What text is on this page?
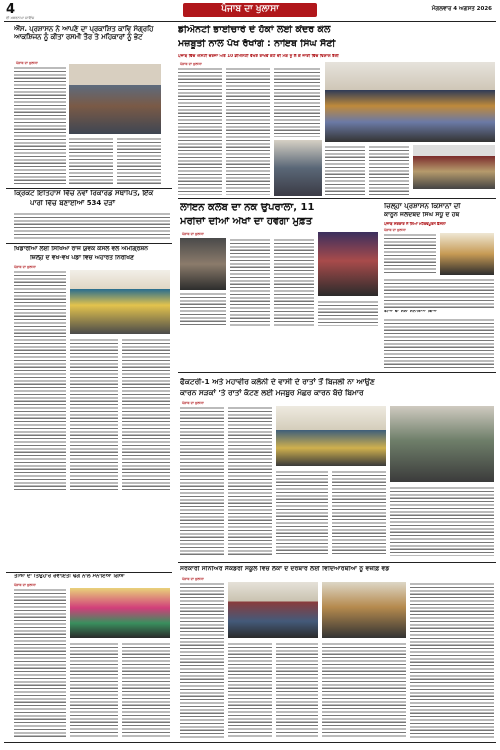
4
ਦੀ ਖ਼ਬਰਨਾਮਾ ਸਾਇੰਸ
ਪੰਜਾਬ ਦਾ ਖੁਲਾਸਾ	ਮੰਗਲਵਾਰ 4 ਅਗਸਤ 2026
ਐੱਸ. ਪ੍ਰਸ਼ਾਸਨ ਨੇ ਆਪਣੇ ਦਾ ਪ੍ਰਕਾਸ਼ਿਤ ਕਾਵਿ ਸੰਗ੍ਰਹਿ ਆਕਸ਼ਿਜਨ ਨੂੰ ਕੀਤਾ ਰਸਮੀ ਤੌਰ ਤੇ ਮਹਿਕਾਰਾਂ ਨੂੰ ਭੇਟ
ਪੰਜਾਬ ਦਾ ਖੁਲਾਸਾ
ਡੀਐਨਟੀ ਭਾਈਚਾਰੇ ਦੇ ਹੱਕਾਂ ਲਈ ਕੇਂਦਰ ਕੋਲ
ਮਜ਼ਬੂਤੀ ਨਾਲ ਪੱਖ ਰੱਖਾਂਗੇ : ਨਾਇਬ ਸਿੰਘ ਸੈਣੀ
ਪੰਜਾਬ ਵਿੱਚ ਐਸਟੀ ਦਰਜਾ ਅਤੇ 10 ਡੀਐਨਟੀ ਵੱਖਰੇ ਰਾਖਵੇਂ ਕੋਟੇ ਦੀ ਮੰਗ ਨੂੰ ਲੈ ਕੇ ਜਾਰੀ ਵਿੱਚ ਵਿਸ਼ਾਲ ਰੈਲੀ
ਪੰਜਾਬ ਦਾ ਖੁਲਾਸਾ
ਕ੍ਰਿਕਟ ਇਤਿਹਾਸ ਵਿੱਚ ਨਵਾਂ ਰਿਕਾਰਡ ਸਥਾਪਿਤ, ਇੱਕ
ਪਾਰੀ ਵਿੱਚ ਬਣਾਈਆਂ 534 ਦੌੜਾਂ	ਲਾਇਨ ਕਲੱਬ ਦਾ ਨੇਕ ਉਪਰਾਲਾ, 11
ਮਰੀਜ਼ਾਂ ਦੀਆਂ ਅੱਖਾਂ ਦਾ ਹੋਵੇਗਾ ਮੁਫ਼ਤ
ਪੰਜਾਬ ਦਾ ਖੁਲਾਸਾ
ਜ਼ਿਲ੍ਹਾ ਪ੍ਰਸ਼ਾਸਨ ਕਿਸਾਨਾਂ ਦੀ
ਕਾਨੂੰਨ ਜਲਦਬੰਦ ਸਿੰਘ ਸੰਧੂ ਦੇ ਹੱਥ
ਪੰਜਾਬ ਸਰਕਾਰ ਨੇ ਲਿਆ ਮਹੱਤਵਪੂਰਨ ਫ਼ੈਸਲਾ
ਪੰਜਾਬ ਦਾ ਖੁਲਾਸਾ
ਤੀਆਂ ਦਾ ਮੇਲਾ ਮਨਾਇਆ ਗਿਆ
ਖਿਡਾਰੀਆਂ ਲਈ ਸਿੱਖਿਆ ਰਾਜ ਯੁਵਕ ਕੌਂਸਲ ਵੱਲੋਂ ਐਮੀਗ੍ਰਸ਼ਨ
ਜ਼ਿਲ੍ਹੇ ਦੇ ਵੱਖ-ਵੱਖ ਪੇਂਡਾਂ ਵਿੱਚ ਅਹਾਰਤੇ ਨਿਰੀਖਣ
ਪੰਜਾਬ ਦਾ ਖੁਲਾਸਾ
ਫੈਕਟਰੀ-1 ਅਤੇ ਮਹਾਵੀਰ ਕਲੋਨੀ ਦੇ ਵਾਸੀ ਦੇ ਰਾਤਾਂ ਤੋਂ ਬਿਜਲੀ ਨਾ ਆਉਣ
ਕਾਰਨ ਸੜਕਾਂ 'ਤੇ ਰਾਤਾਂ ਕੱਟਣ ਲਈ ਮਜਬੂਰ ਮੱਛਰ ਕਾਰਨ ਬੱਚੇ ਬਿਮਾਰ
ਪੰਜਾਬ ਦਾ ਖੁਲਾਸਾ
ਤੀਆਂ ਦਾ ਤਿਉਹਾਰ ਰਵਾਇਤੀ ਢੰਗ ਨਾਲ ਮਨਾਇਆ ਗਿਆ
ਪੰਜਾਬ ਦਾ ਖੁਲਾਸਾ
ਸਰਕਾਰੀ ਸੀਨੀਅਰ ਸੈਕੰਡਰੀ ਸਕੂਲ ਵਿੱਚ ਲੋਕਾਂ ਦੇ ਦਰਬਾਰ ਲਈ ਵਿਦਿਆਰਥੀਆਂ ਨੂੰ ਵਜ਼ੀਫ਼ੇ ਵੰਡੇ
ਪੰਜਾਬ ਦਾ ਖੁਲਾਸਾ
